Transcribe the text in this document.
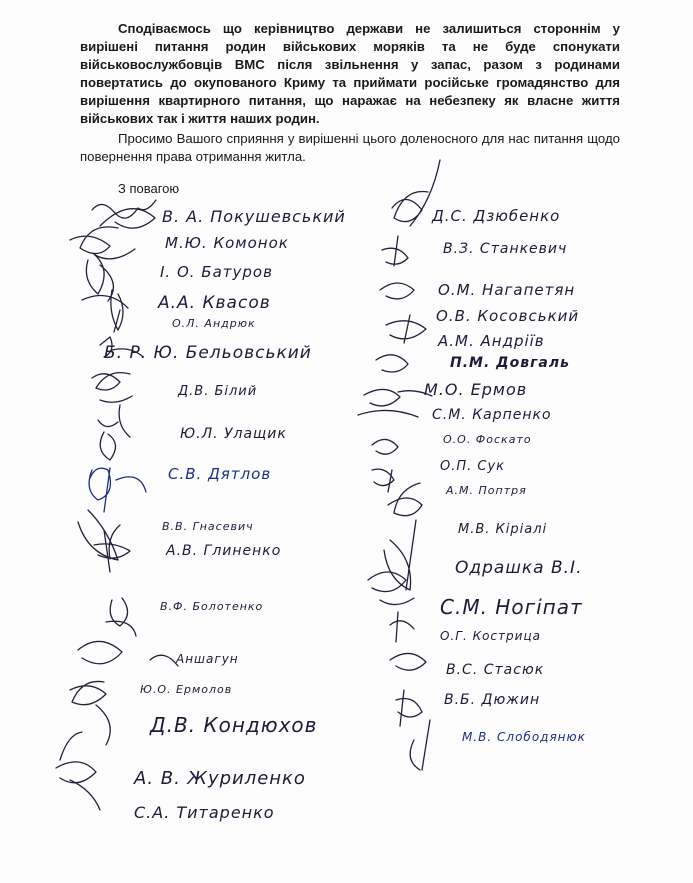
Сподіваємось що керівництво держави не залишиться стороннім у вирішені питання родин військових моряків та не буде спонукати військовослужбовців ВМС після звільнення у запас, разом з родинами повертатись до окупованого Криму та приймати російське громадянство для вирішення квартирного питання, що наражає на небезпеку як власне життя військових так і життя наших родин.

Просимо Вашого сприяння у вирішенні цього доленосного для нас питання щодо повернення права отримання житла.

З повагою
В. А. Покушевський
М.Ю. Комонок
І. О. Батуров
А.А. Квасов
О.Л. Андрюк
Б. Р. Ю. Бельовський
Д.В. Білий
Ю.Л. Улащик
С.В. Дятлов
В.В. Гнасевич
А.В. Глиненко
В.Ф. Болотенко
Аншагун
Ю.О. Ермолов
Д.В. Кондюхов
А. В. Журиленко
С.А. Титаренко
Д.С. Дзюбенко
В.З. Станкевич
О.М. Нагапетян
О.В. Косовський
А.М. Андріїв
П.М. Довгаль
М.О. Ермов
С.М. Карпенко
О.О. Фоскато
О.П. Сук
А.М. Поптря
М.В. Кіріалі
Одрашка В.І.
С.М. Ногіпат
О.Г. Кострица
В.С. Стасюк
В.Б. Дюжин
М.В. Слободянюк
